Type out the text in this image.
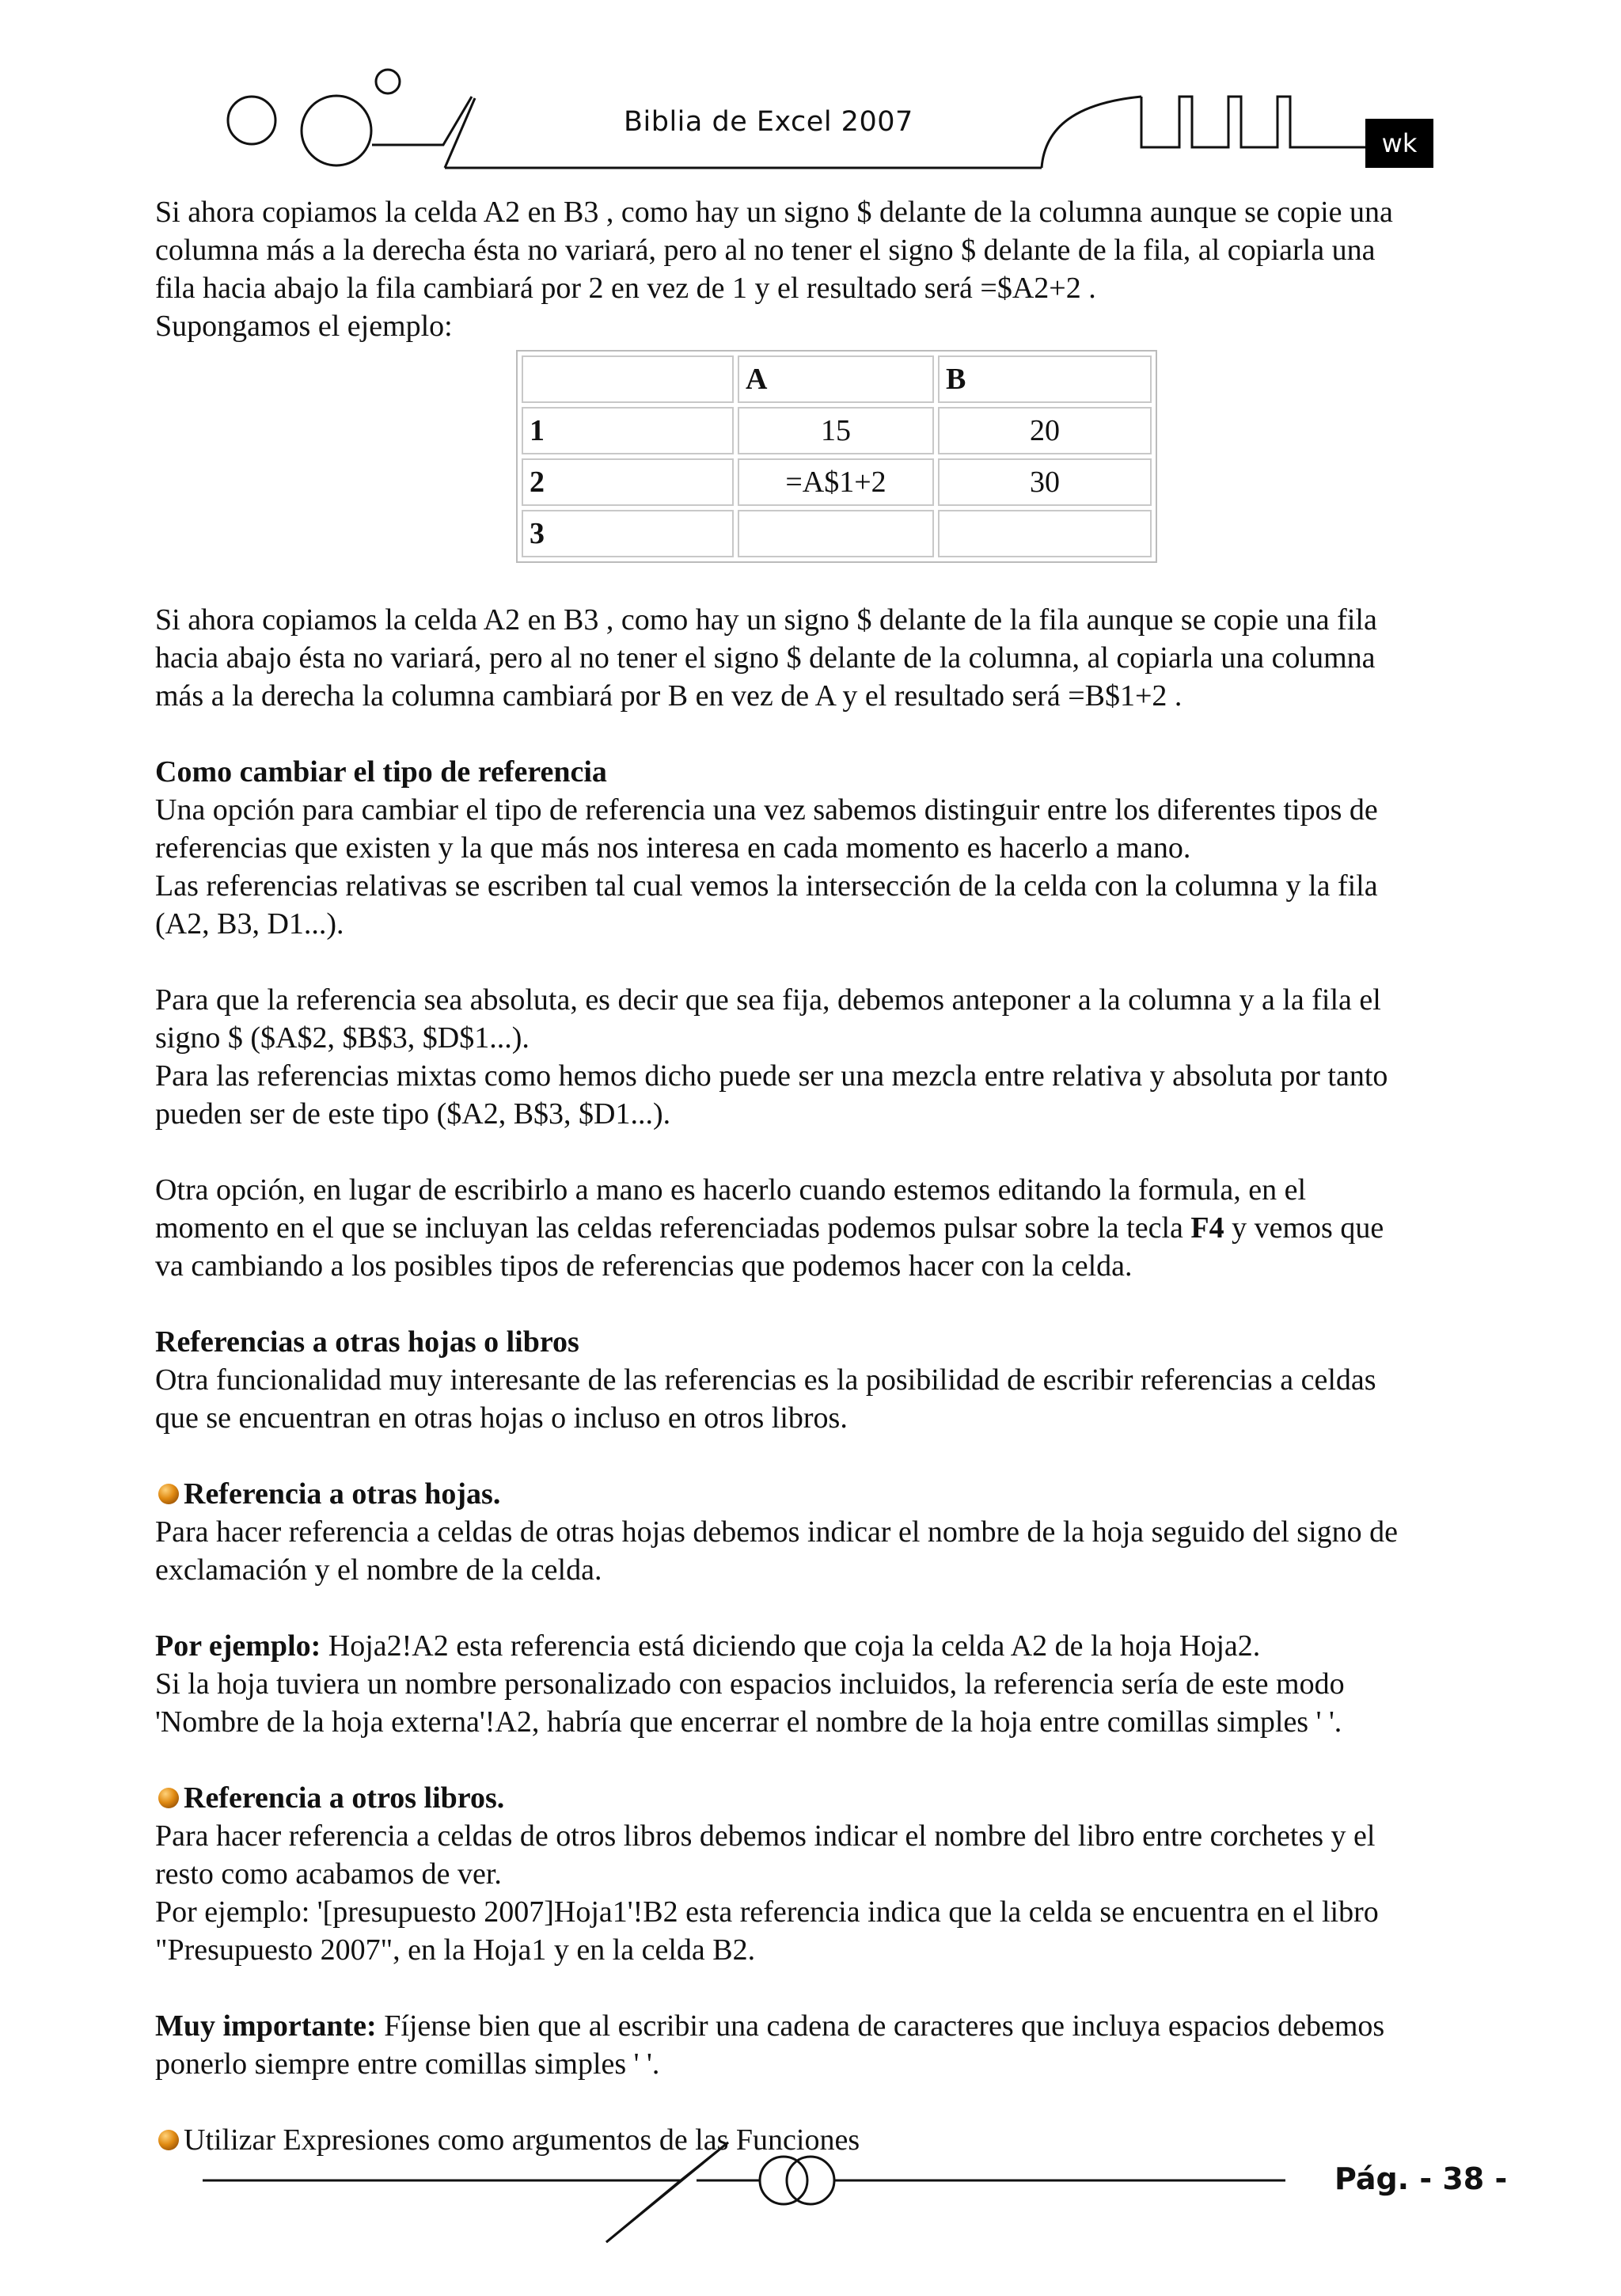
Biblia de Excel 2007
wk

Si ahora copiamos la celda A2 en B3 , como hay un signo $ delante de la columna aunque se copie una

columna más a la derecha ésta no variará, pero al no tener el signo $ delante de la fila, al copiarla una

fila hacia abajo la fila cambiará por 2 en vez de 1 y el resultado será =$A2+2 .

Supongamos el ejemplo:

	A	B
1	15	20
2	=A$1+2	30
3		

Si ahora copiamos la celda A2 en B3 , como hay un signo $ delante de la fila aunque se copie una fila

hacia abajo ésta no variará, pero al no tener el signo $ delante de la columna, al copiarla una columna

más a la derecha la columna cambiará por B en vez de A y el resultado será =B$1+2 .

Como cambiar el tipo de referencia

Una opción para cambiar el tipo de referencia una vez sabemos distinguir entre los diferentes tipos de

referencias que existen y la que más nos interesa en cada momento es hacerlo a mano.

Las referencias relativas se escriben tal cual vemos la intersección de la celda con la columna y la fila

(A2, B3, D1...).

Para que la referencia sea absoluta, es decir que sea fija, debemos anteponer a la columna y a la fila el

signo $ ($A$2, $B$3, $D$1...).

Para las referencias mixtas como hemos dicho puede ser una mezcla entre relativa y absoluta por tanto

pueden ser de este tipo ($A2, B$3, $D1...).

Otra opción, en lugar de escribirlo a mano es hacerlo cuando estemos editando la formula, en el

momento en el que se incluyan las celdas referenciadas podemos pulsar sobre la tecla F4 y vemos que

va cambiando a los posibles tipos de referencias que podemos hacer con la celda.

Referencias a otras hojas o libros

Otra funcionalidad muy interesante de las referencias es la posibilidad de escribir referencias a celdas

que se encuentran en otras hojas o incluso en otros libros.

Referencia a otras hojas.

Para hacer referencia a celdas de otras hojas debemos indicar el nombre de la hoja seguido del signo de

exclamación y el nombre de la celda.

Por ejemplo: Hoja2!A2 esta referencia está diciendo que coja la celda A2 de la hoja Hoja2.

Si la hoja tuviera un nombre personalizado con espacios incluidos, la referencia sería de este modo

'Nombre de la hoja externa'!A2, habría que encerrar el nombre de la hoja entre comillas simples ' '.

Referencia a otros libros.

Para hacer referencia a celdas de otros libros debemos indicar el nombre del libro entre corchetes y el

resto como acabamos de ver.

Por ejemplo: '[presupuesto 2007]Hoja1'!B2 esta referencia indica que la celda se encuentra en el libro

"Presupuesto 2007", en la Hoja1 y en la celda B2.

Muy importante: Fíjense bien que al escribir una cadena de caracteres que incluya espacios debemos

ponerlo siempre entre comillas simples ' '.

Utilizar Expresiones como argumentos de las Funciones

Pág. - 38 -
